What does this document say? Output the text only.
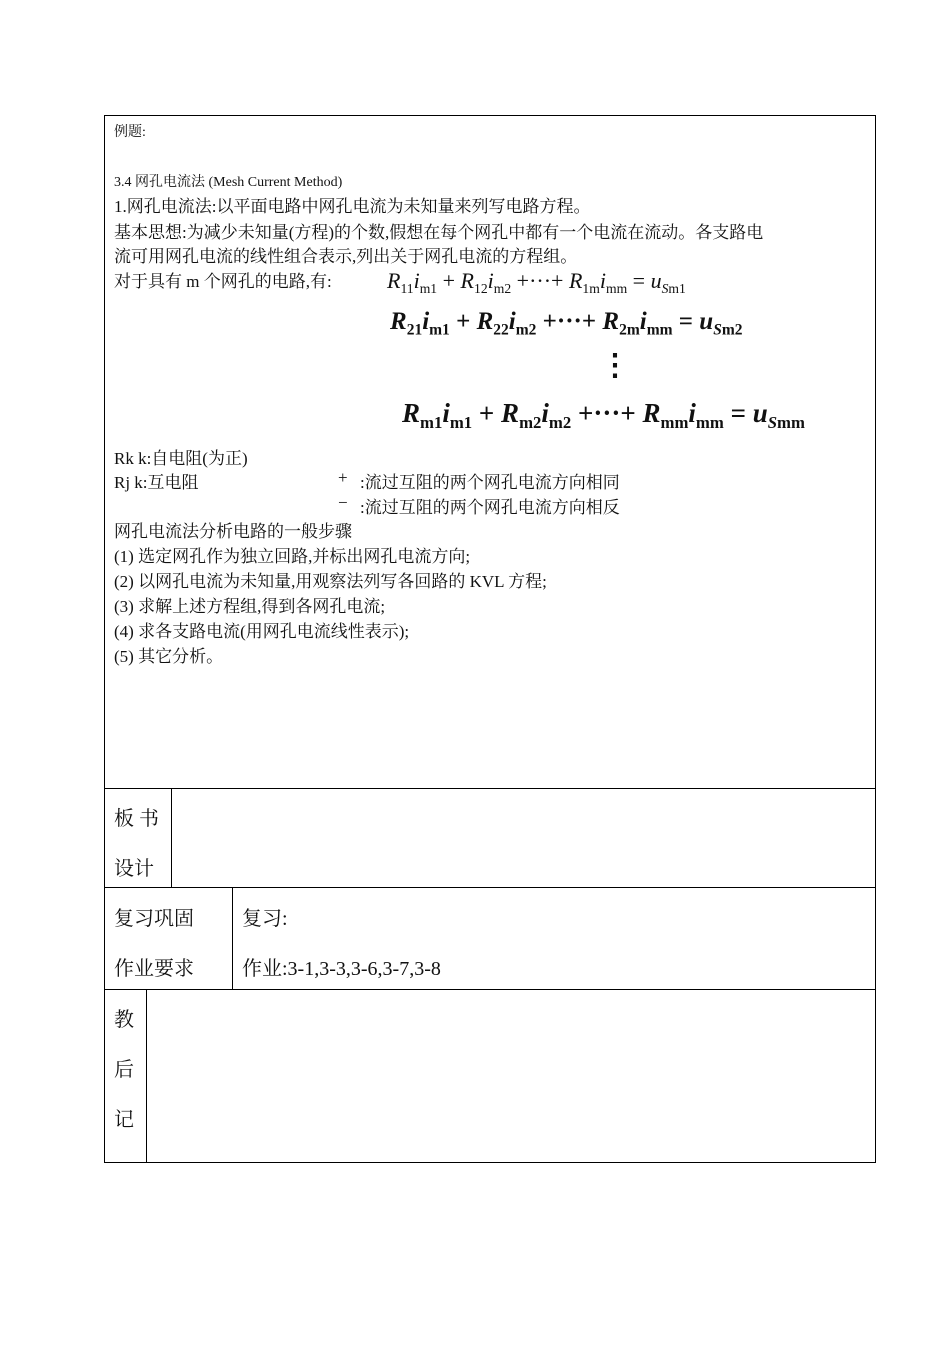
例题:
3.4 网孔电流法 (Mesh Current Method)
1.网孔电流法:以平面电路中网孔电流为未知量来列写电路方程。
基本思想:为减少未知量(方程)的个数,假想在每个网孔中都有一个电流在流动。各支路电
流可用网孔电流的线性组合表示,列出关于网孔电流的方程组。
对于具有 m 个网孔的电路,有:	$R_{11}i_{m1} + R_{12}i_{m2}$ +···+ $R_{1m}i_{mm} = u_{Sm1}$
$R_{21}i_{m1} + R_{22}i_{m2}$ +···+ $R_{2m}i_{mm} = u_{Sm2}$
⋮
$R_{m1}i_{m1} + R_{m2}i_{m2}$ +···+ $R_{mm}i_{mm} = u_{Smm}$
Rk k:自电阻(为正)
Rj k:互电阻	+ :流过互阻的两个网孔电流方向相同
− :流过互阻的两个网孔电流方向相反
网孔电流法分析电路的一般步骤
(1) 选定网孔作为独立回路,并标出网孔电流方向;
(2) 以网孔电流为未知量,用观察法列写各回路的 KVL 方程;
(3) 求解上述方程组,得到各网孔电流;
(4) 求各支路电流(用网孔电流线性表示);
(5) 其它分析。
板 书
设计
复习巩固
作业要求
复习:
作业:3-1,3-3,3-6,3-7,3-8
教
后
记
